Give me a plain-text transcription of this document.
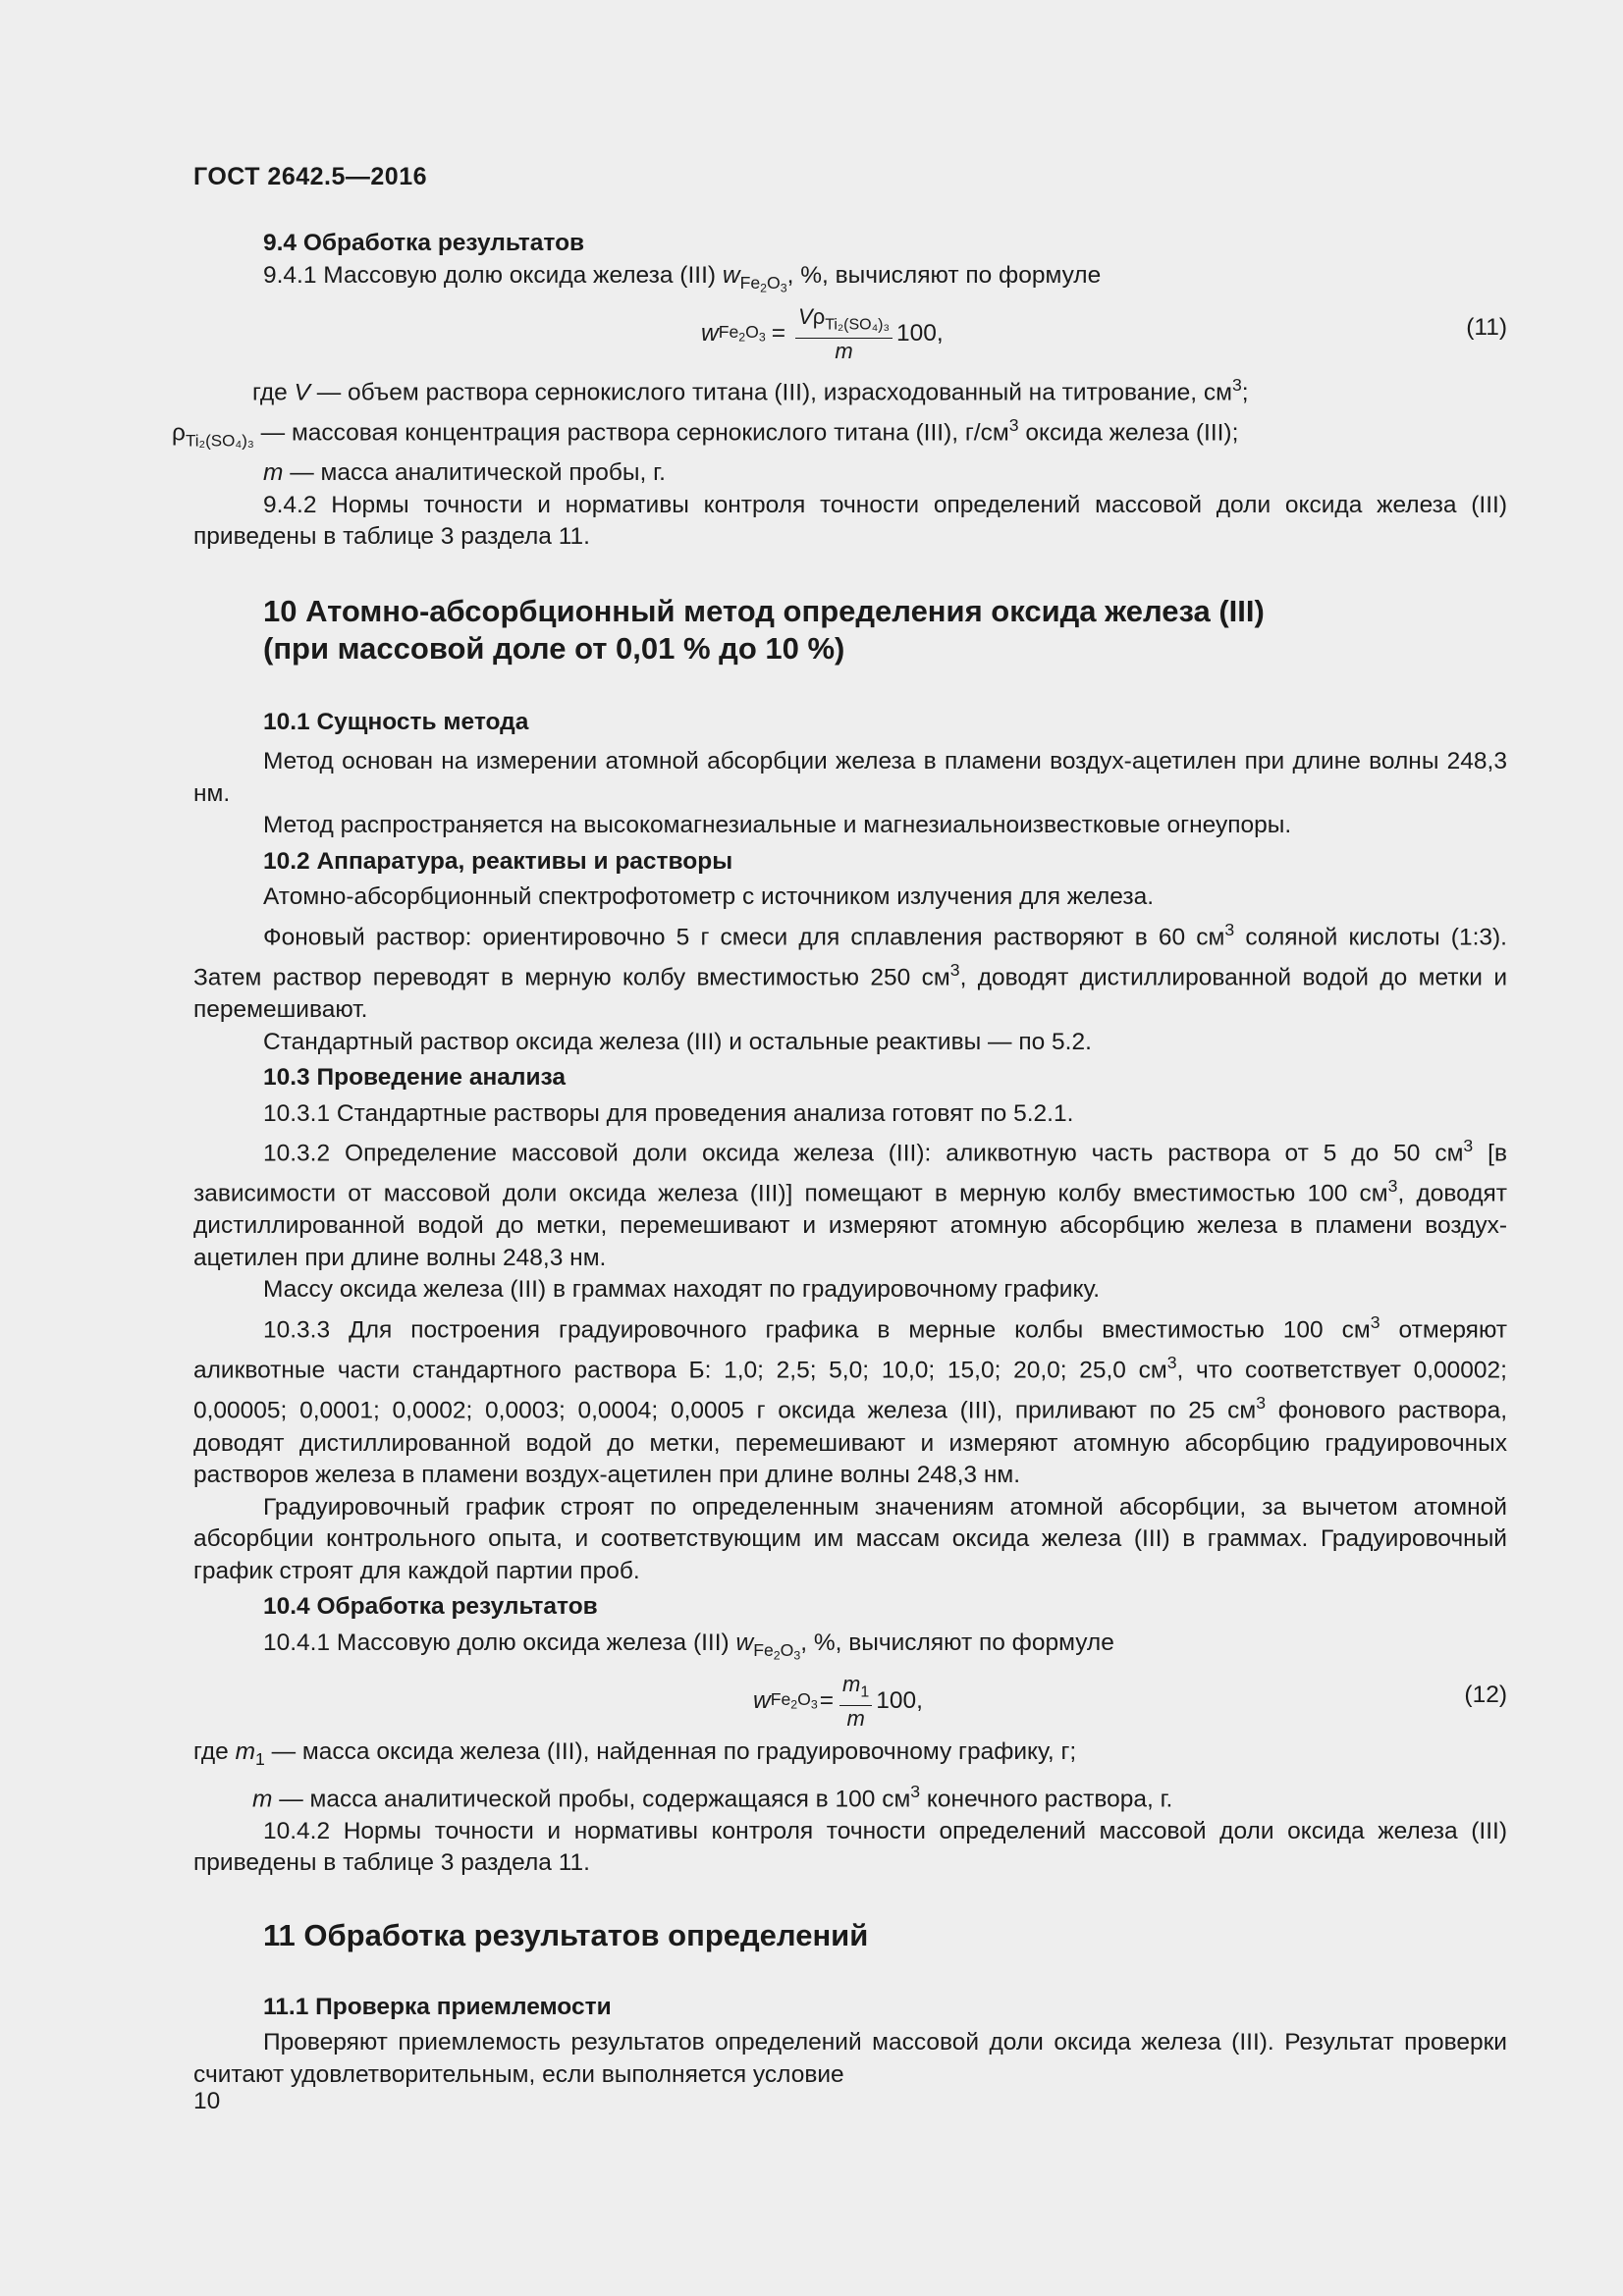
ГОСТ 2642.5—2016

9.4 Обработка результатов

9.4.1 Массовую долю оксида железа (III) $w_{Fe_2O_3}$, %, вычисляют по формуле

w $Fe_2O_3 = \frac{V\rho_{Ti_2(SO_4)_3}}{m} 100$,	(11)

где V — объем раствора сернокислого титана (III), израсходованный на титрование, $см^3$;

$\rho_{Ti_2(SO_4)_3}$ — массовая концентрация раствора сернокислого титана (III), $г/см^3$ оксида железа (III);

m — масса аналитической пробы, г.

9.4.2 Нормы точности и нормативы контроля точности определений массовой доли оксида железа (III) приведены в таблице 3 раздела 11.

10 Атомно-абсорбционный метод определения оксида железа (III)

(при массовой доле от 0,01 % до 10 %)

10.1 Сущность метода

Метод основан на измерении атомной абсорбции железа в пламени воздух-ацетилен при длине волны 248,3 нм.

Метод распространяется на высокомагнезиальные и магнезиальноизвестковые огнеупоры.

10.2 Аппаратура, реактивы и растворы

Атомно-абсорбционный спектрофотометр с источником излучения для железа.

Фоновый раствор: ориентировочно 5 г смеси для сплавления растворяют в 60 $см^3$ соляной кислоты (1:3). Затем раствор переводят в мерную колбу вместимостью 250 $см^3$, доводят дистиллированной водой до метки и перемешивают.

Стандартный раствор оксида железа (III) и остальные реактивы — по 5.2.

10.3 Проведение анализа

10.3.1 Стандартные растворы для проведения анализа готовят по 5.2.1.

10.3.2 Определение массовой доли оксида железа (III): аликвотную часть раствора от 5 до 50 $см^3$ [в зависимости от массовой доли оксида железа (III)] помещают в мерную колбу вместимостью 100 $см^3$, доводят дистиллированной водой до метки, перемешивают и измеряют атомную абсорбцию железа в пламени воздух-ацетилен при длине волны 248,3 нм.

Массу оксида железа (III) в граммах находят по градуировочному графику.

10.3.3 Для построения градуировочного графика в мерные колбы вместимостью 100 $см^3$ отмеряют аликвотные части стандартного раствора Б: 1,0; 2,5; 5,0; 10,0; 15,0; 20,0; 25,0 $см^3$, что соответствует 0,00002; 0,00005; 0,0001; 0,0002; 0,0003; 0,0004; 0,0005 г оксида железа (III), приливают по 25 $см^3$ фонового раствора, доводят дистиллированной водой до метки, перемешивают и измеряют атомную абсорбцию градуировочных растворов железа в пламени воздух-ацетилен при длине волны 248,3 нм.

Градуировочный график строят по определенным значениям атомной абсорбции, за вычетом атомной абсорбции контрольного опыта, и соответствующим им массам оксида железа (III) в граммах. Градуировочный график строят для каждой партии проб.

10.4 Обработка результатов

10.4.1 Массовую долю оксида железа (III) $w_{Fe_2O_3}$, %, вычисляют по формуле

w $Fe_2O_3 = \frac{m_1}{m} 100$,	(12)

где $m_1$ — масса оксида железа (III), найденная по градуировочному графику, г;

m — масса аналитической пробы, содержащаяся в 100 $см^3$ конечного раствора, г.

10.4.2 Нормы точности и нормативы контроля точности определений массовой доли оксида железа (III) приведены в таблице 3 раздела 11.

11 Обработка результатов определений

11.1 Проверка приемлемости

Проверяют приемлемость результатов определений массовой доли оксида железа (III). Результат проверки считают удовлетворительным, если выполняется условие

10
